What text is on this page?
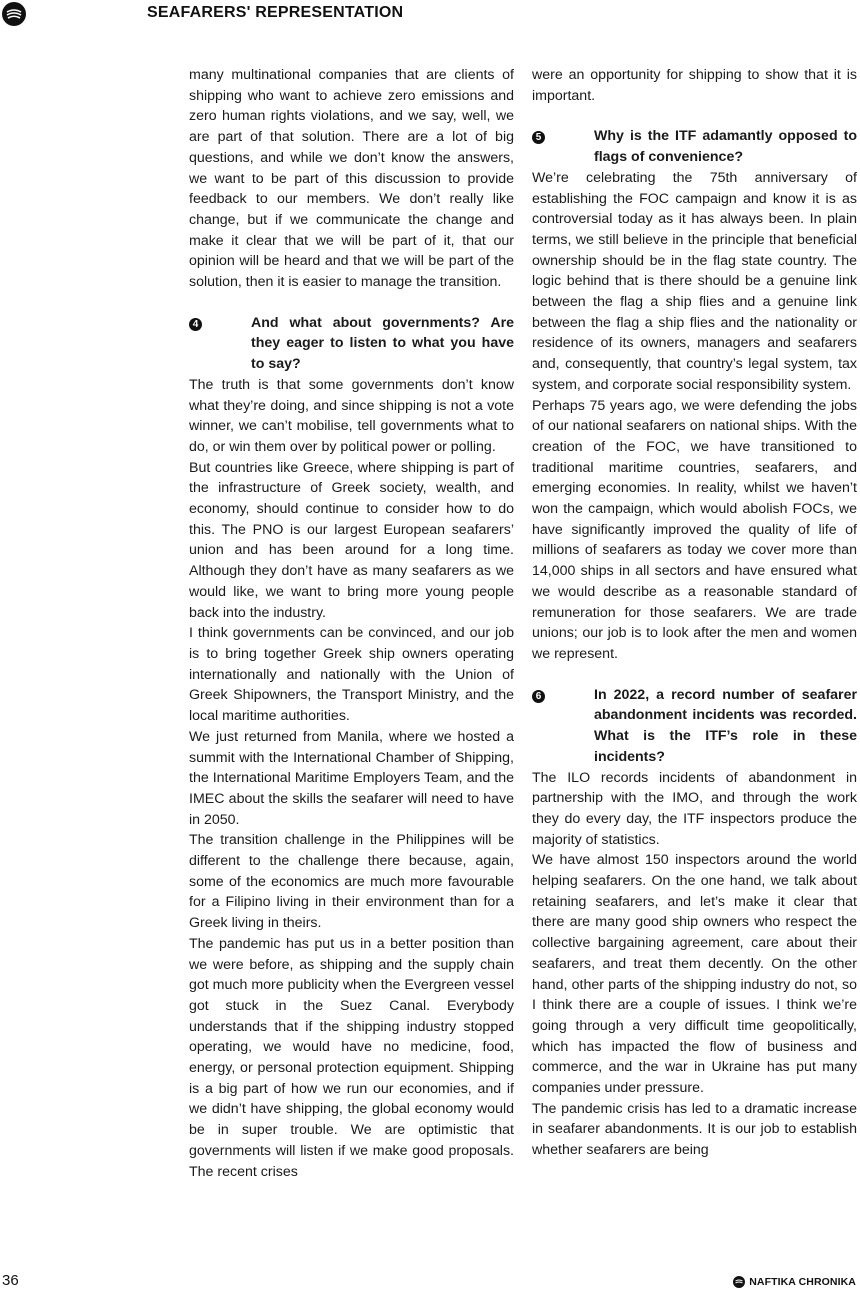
SEAFARERS' REPRESENTATION

many multinational companies that are clients of shipping who want to achieve zero emissions and zero human rights violations, and we say, well, we are part of that solution. There are a lot of big questions, and while we don’t know the answers, we want to be part of this discussion to provide feedback to our members. We don’t really like change, but if we communicate the change and make it clear that we will be part of it, that our opinion will be heard and that we will be part of the solution, then it is easier to manage the transition.

4	And what about governments? Are they eager to listen to what you have to say?

The truth is that some governments don’t know what they’re doing, and since shipping is not a vote winner, we can’t mobilise, tell governments what to do, or win them over by political power or polling.

But countries like Greece, where shipping is part of the infrastructure of Greek society, wealth, and economy, should continue to consider how to do this. The PNO is our largest European seafarers’ union and has been around for a long time. Although they don’t have as many seafarers as we would like, we want to bring more young people back into the industry.

I think governments can be convinced, and our job is to bring together Greek ship owners operating internationally and nationally with the Union of Greek Shipowners, the Transport Ministry, and the local maritime authorities.

We just returned from Manila, where we hosted a summit with the International Chamber of Shipping, the International Maritime Employers Team, and the IMEC about the skills the seafarer will need to have in 2050.

The transition challenge in the Philippines will be different to the challenge there because, again, some of the economics are much more favourable for a Filipino living in their environment than for a Greek living in theirs.

The pandemic has put us in a better position than we were before, as shipping and the supply chain got much more publicity when the Evergreen vessel got stuck in the Suez Canal. Everybody understands that if the shipping industry stopped operating, we would have no medicine, food, energy, or personal protection equipment. Shipping is a big part of how we run our economies, and if we didn’t have shipping, the global economy would be in super trouble. We are optimistic that governments will listen if we make good proposals. The recent crises

were an opportunity for shipping to show that it is important.

5	Why is the ITF adamantly opposed to flags of convenience?

We’re celebrating the 75th anniversary of establishing the FOC campaign and know it is as controversial today as it has always been. In plain terms, we still believe in the principle that beneficial ownership should be in the flag state country. The logic behind that is there should be a genuine link between the flag a ship flies and a genuine link between the flag a ship flies and the nationality or residence of its owners, managers and seafarers and, consequently, that country’s legal system, tax system, and corporate social responsibility system.

Perhaps 75 years ago, we were defending the jobs of our national seafarers on national ships. With the creation of the FOC, we have transitioned to traditional maritime countries, seafarers, and emerging economies. In reality, whilst we haven’t won the campaign, which would abolish FOCs, we have significantly improved the quality of life of millions of seafarers as today we cover more than 14,000 ships in all sectors and have ensured what we would describe as a reasonable standard of remuneration for those seafarers. We are trade unions; our job is to look after the men and women we represent.

6	In 2022, a record number of seafarer abandonment incidents was recorded. What is the ITF’s role in these incidents?

The ILO records incidents of abandonment in partnership with the IMO, and through the work they do every day, the ITF inspectors produce the majority of statistics.

We have almost 150 inspectors around the world helping seafarers. On the one hand, we talk about retaining seafarers, and let’s make it clear that there are many good ship owners who respect the collective bargaining agreement, care about their seafarers, and treat them decently. On the other hand, other parts of the shipping industry do not, so I think there are a couple of issues. I think we’re going through a very difficult time geopolitically, which has impacted the flow of business and commerce, and the war in Ukraine has put many companies under pressure.

The pandemic crisis has led to a dramatic increase in seafarer abandonments. It is our job to establish whether seafarers are being

36	NAFTIKA CHRONIKA
